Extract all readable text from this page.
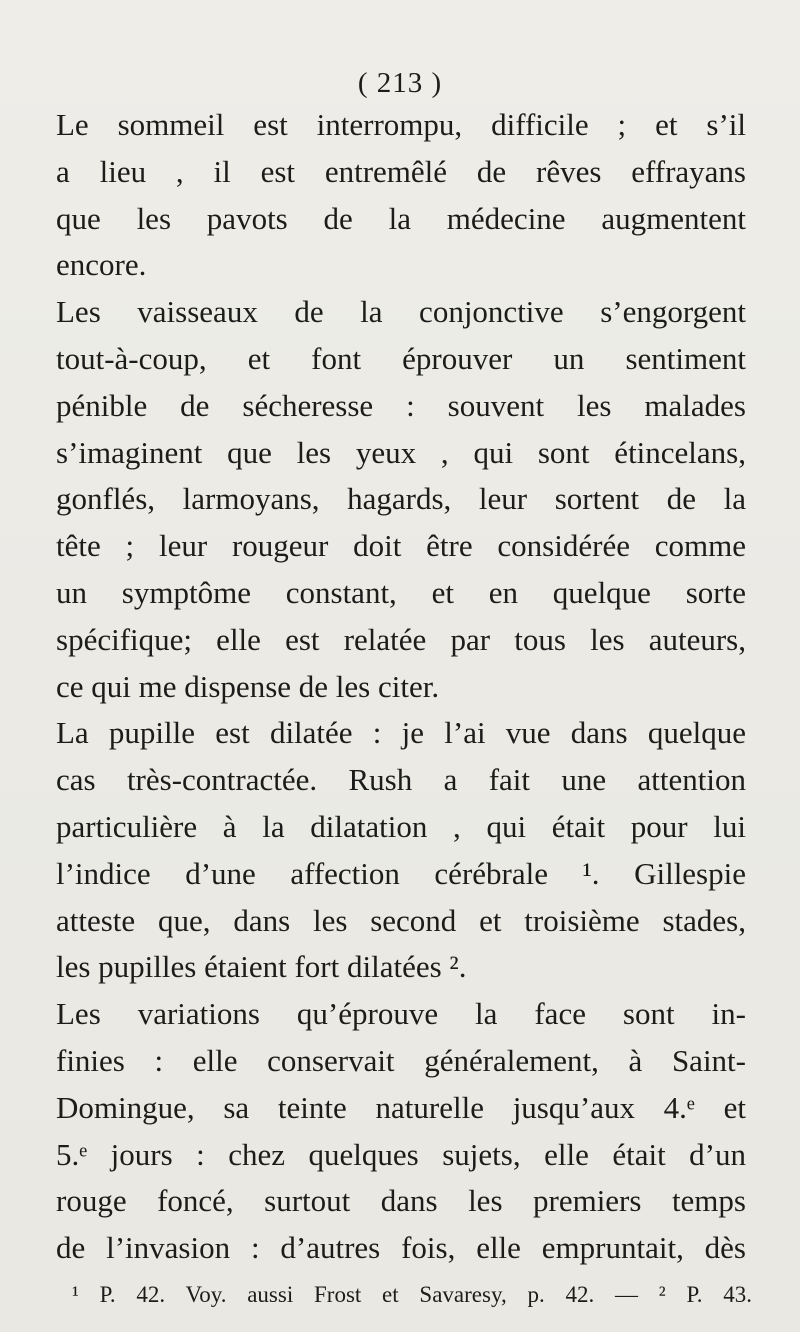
( 213 )
Le sommeil est interrompu, difficile ; et s’il
a lieu , il est entremêlé de rêves effrayans
que les pavots de la médecine augmentent
encore.
Les vaisseaux de la conjonctive s’engorgent
tout-à-coup, et font éprouver un sentiment
pénible de sécheresse : souvent les malades
s’imaginent que les yeux , qui sont étincelans,
gonflés, larmoyans, hagards, leur sortent de la
tête ; leur rougeur doit être considérée comme
un symptôme constant, et en quelque sorte
spécifique; elle est relatée par tous les auteurs,
ce qui me dispense de les citer.
La pupille est dilatée : je l’ai vue dans quelque
cas très-contractée. Rush a fait une attention
particulière à la dilatation , qui était pour lui
l’indice d’une affection cérébrale ¹. Gillespie
atteste que, dans les second et troisième stades,
les pupilles étaient fort dilatées ².
Les variations qu’éprouve la face sont in-
finies : elle conservait généralement, à Saint-
Domingue, sa teinte naturelle jusqu’aux 4.ᵉ et
5.ᵉ jours : chez quelques sujets, elle était d’un
rouge foncé, surtout dans les premiers temps
de l’invasion : d’autres fois, elle empruntait, dès
¹ P. 42. Voy. aussi Frost et Savaresy, p. 42. — ² P. 43.
